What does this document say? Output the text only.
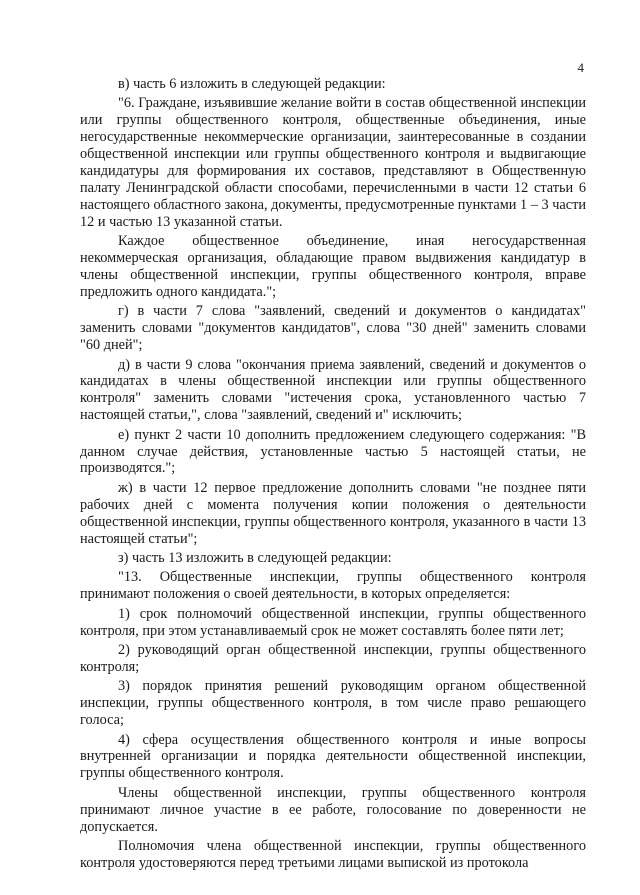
4

в) часть 6 изложить в следующей редакции:

"6. Граждане, изъявившие желание войти в состав общественной инспекции или группы общественного контроля, общественные объединения, иные негосударственные некоммерческие организации, заинтересованные в создании общественной инспекции или группы общественного контроля и выдвигающие кандидатуры для формирования их составов, представляют в Общественную палату Ленинградской области способами, перечисленными в части 12 статьи 6 настоящего областного закона, документы, предусмотренные пунктами 1 – 3 части 12 и частью 13 указанной статьи.

Каждое общественное объединение, иная негосударственная некоммерческая организация, обладающие правом выдвижения кандидатур в члены общественной инспекции, группы общественного контроля, вправе предложить одного кандидата.";

г) в части 7 слова "заявлений, сведений и документов о кандидатах" заменить словами "документов кандидатов", слова "30 дней" заменить словами "60 дней";

д) в части 9 слова "окончания приема заявлений, сведений и документов о кандидатах в члены общественной инспекции или группы общественного контроля" заменить словами "истечения срока, установленного частью 7 настоящей статьи,", слова "заявлений, сведений и" исключить;

е) пункт 2 части 10 дополнить предложением следующего содержания: "В данном случае действия, установленные частью 5 настоящей статьи, не производятся.";

ж) в части 12 первое предложение дополнить словами "не позднее пяти рабочих дней с момента получения копии положения о деятельности общественной инспекции, группы общественного контроля, указанного в части 13 настоящей статьи";

з) часть 13 изложить в следующей редакции:

"13. Общественные инспекции, группы общественного контроля принимают положения о своей деятельности, в которых определяется:

1) срок полномочий общественной инспекции, группы общественного контроля, при этом устанавливаемый срок не может составлять более пяти лет;

2) руководящий орган общественной инспекции, группы общественного контроля;

3) порядок принятия решений руководящим органом общественной инспекции, группы общественного контроля, в том числе право решающего голоса;

4) сфера осуществления общественного контроля и иные вопросы внутренней организации и порядка деятельности общественной инспекции, группы общественного контроля.

Члены общественной инспекции, группы общественного контроля принимают личное участие в ее работе, голосование по доверенности не допускается.

Полномочия члена общественной инспекции, группы общественного контроля удостоверяются перед третьими лицами выпиской из протокола
